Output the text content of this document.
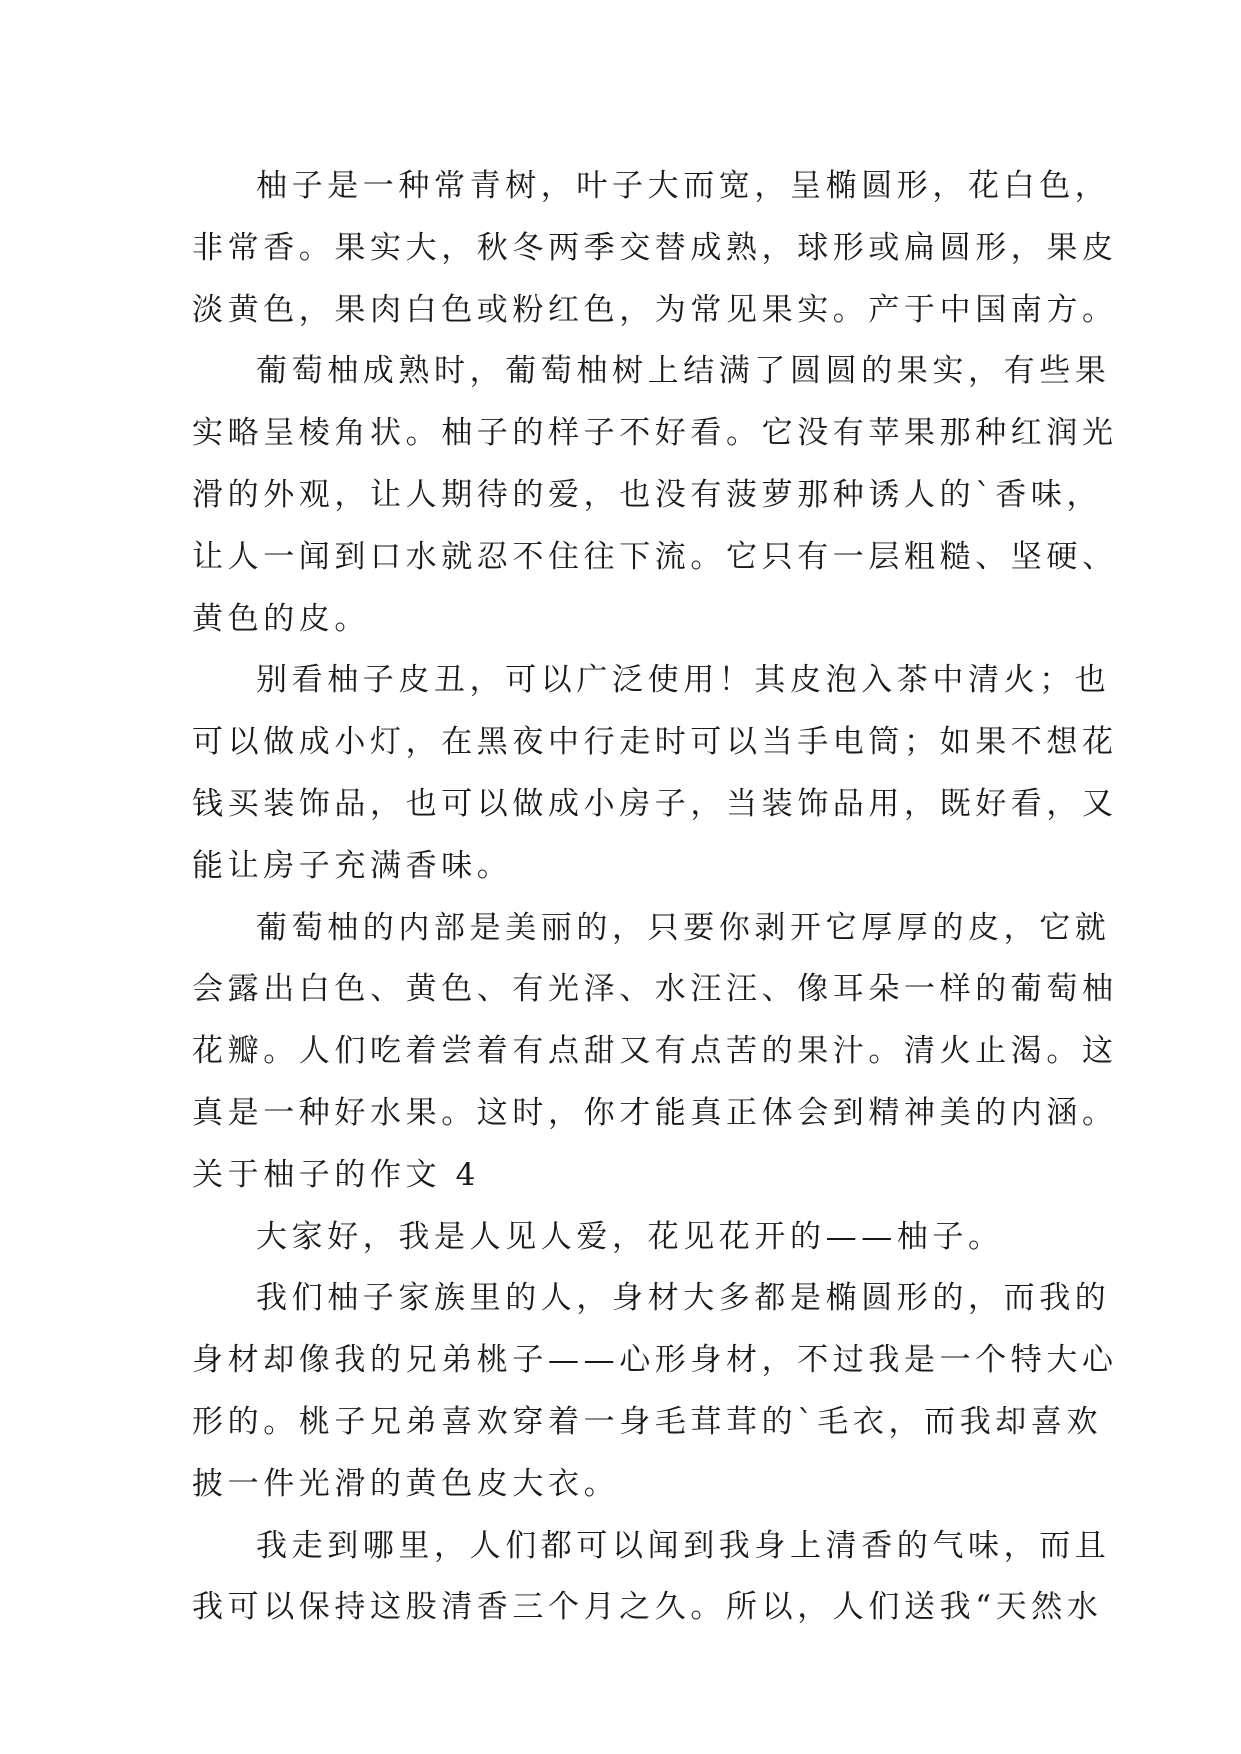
柚子是一种常青树，叶子大而宽，呈椭圆形，花白色，
非常香。果实大，秋冬两季交替成熟，球形或扁圆形，果皮
淡黄色，果肉白色或粉红色，为常见果实。产于中国南方。
葡萄柚成熟时，葡萄柚树上结满了圆圆的果实，有些果
实略呈棱角状。柚子的样子不好看。它没有苹果那种红润光
滑的外观，让人期待的爱，也没有菠萝那种诱人的`香味，
让人一闻到口水就忍不住往下流。它只有一层粗糙、坚硬、
黄色的皮。
别看柚子皮丑，可以广泛使用！其皮泡入茶中清火；也
可以做成小灯，在黑夜中行走时可以当手电筒；如果不想花
钱买装饰品，也可以做成小房子，当装饰品用，既好看，又
能让房子充满香味。
葡萄柚的内部是美丽的，只要你剥开它厚厚的皮，它就
会露出白色、黄色、有光泽、水汪汪、像耳朵一样的葡萄柚
花瓣。人们吃着尝着有点甜又有点苦的果汁。清火止渴。这
真是一种好水果。这时，你才能真正体会到精神美的内涵。
关于柚子的作文 4
大家好，我是人见人爱，花见花开的——柚子。
我们柚子家族里的人，身材大多都是椭圆形的，而我的
身材却像我的兄弟桃子——心形身材，不过我是一个特大心
形的。桃子兄弟喜欢穿着一身毛茸茸的`毛衣，而我却喜欢
披一件光滑的黄色皮大衣。
我走到哪里，人们都可以闻到我身上清香的气味，而且
我可以保持这股清香三个月之久。所以，人们送我“天然水
